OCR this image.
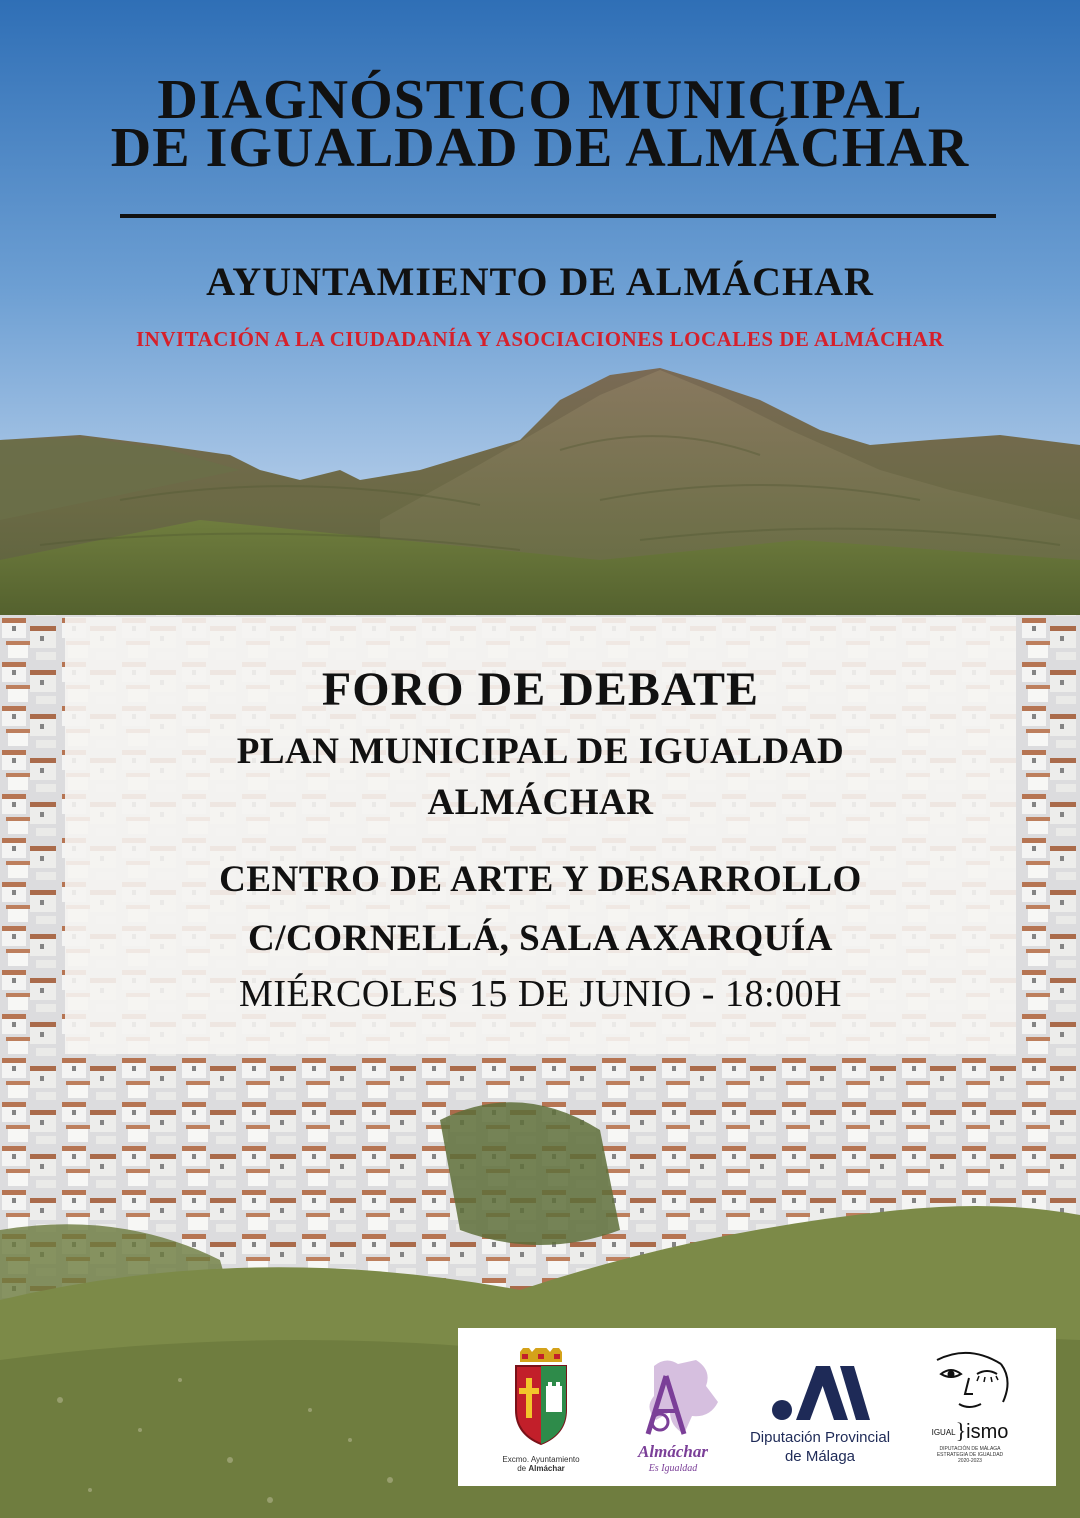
DIAGNÓSTICO MUNICIPAL
DE IGUALDAD DE ALMÁCHAR
AYUNTAMIENTO DE ALMÁCHAR
INVITACIÓN A LA CIUDADANÍA Y ASOCIACIONES LOCALES DE ALMÁCHAR
FORO DE DEBATE
PLAN MUNICIPAL DE IGUALDAD
ALMÁCHAR
CENTRO DE ARTE Y DESARROLLO
C/CORNELLÁ, SALA AXARQUÍA
MIÉRCOLES 15 DE JUNIO - 18:00H
Excmo. Ayuntamiento
de Almáchar
Almáchar
Es Igualdad
Diputación Provincial
de Málaga
IGUAL}ismo
DIPUTACIÓN DE MÁLAGA
ESTRATEGIA DE IGUALDAD
2020-2023
